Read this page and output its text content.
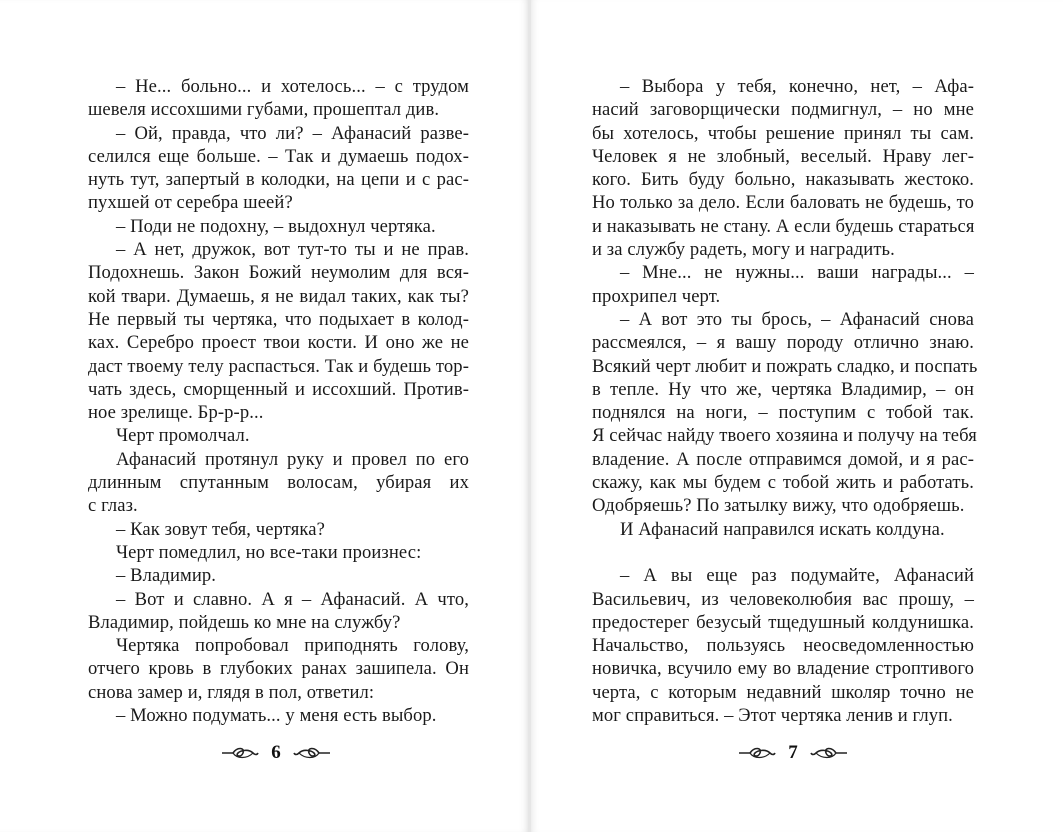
– Не... больно... и хотелось... – с трудом
шевеля иссохшими губами, прошептал див.
– Ой, правда, что ли? – Афанасий разве-
селился еще больше. – Так и думаешь подох-
нуть тут, запертый в колодки, на цепи и с рас-
пухшей от серебра шеей?
– Поди не подохну, – выдохнул чертяка.
– А нет, дружок, вот тут-то ты и не прав.
Подохнешь. Закон Божий неумолим для вся-
кой твари. Думаешь, я не видал таких, как ты?
Не первый ты чертяка, что подыхает в колод-
ках. Серебро проест твои кости. И оно же не
даст твоему телу распасться. Так и будешь тор-
чать здесь, сморщенный и иссохший. Против-
ное зрелище. Бр-р-р...
Черт промолчал.
Афанасий протянул руку и провел по его
длинным спутанным волосам, убирая их
с глаз.
– Как зовут тебя, чертяка?
Черт помедлил, но все-таки произнес:
– Владимир.
– Вот и славно. А я – Афанасий. А что,
Владимир, пойдешь ко мне на службу?
Чертяка попробовал приподнять голову,
отчего кровь в глубоких ранах зашипела. Он
снова замер и, глядя в пол, ответил:
– Можно подумать... у меня есть выбор.
6	7
– Выбора у тебя, конечно, нет, – Афа-
насий заговорщически подмигнул, – но мне
бы хотелось, чтобы решение принял ты сам.
Человек я не злобный, веселый. Нраву лег-
кого. Бить буду больно, наказывать жестоко.
Но только за дело. Если баловать не будешь, то
и наказывать не стану. А если будешь стараться
и за службу радеть, могу и наградить.
– Мне... не нужны... ваши награды... –
прохрипел черт.
– А вот это ты брось, – Афанасий снова
рассмеялся, – я вашу породу отлично знаю.
Всякий черт любит и пожрать сладко, и поспать
в тепле. Ну что же, чертяка Владимир, – он
поднялся на ноги, – поступим с тобой так.
Я сейчас найду твоего хозяина и получу на тебя
владение. А после отправимся домой, и я рас-
скажу, как мы будем с тобой жить и работать.
Одобряешь? По затылку вижу, что одобряешь.
И Афанасий направился искать колдуна.
– А вы еще раз подумайте, Афанасий
Васильевич, из человеколюбия вас прошу, –
предостерег безусый тщедушный колдунишка.
Начальство, пользуясь неосведомленностью
новичка, всучило ему во владение строптивого
черта, с которым недавний школяр точно не
мог справиться. – Этот чертяка ленив и глуп.
